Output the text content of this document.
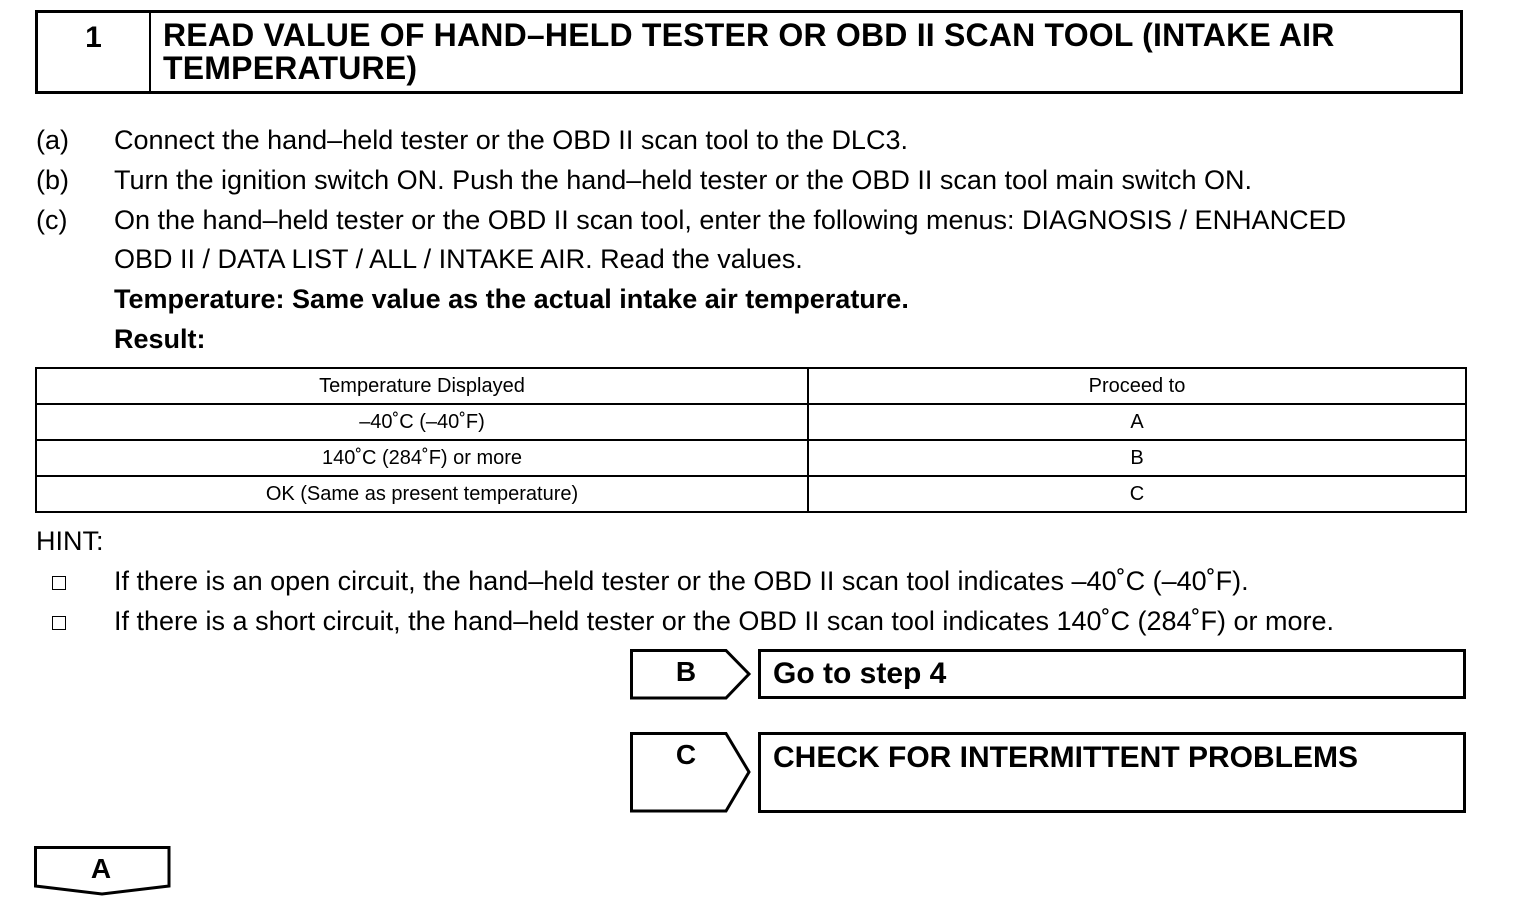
1	READ VALUE OF HAND–HELD TESTER OR OBD II SCAN TOOL (INTAKE AIR
TEMPERATURE)
(a) Connect the hand–held tester or the OBD II scan tool to the DLC3.
(b) Turn the ignition switch ON. Push the hand–held tester or the OBD II scan tool main switch ON.
(c) On the hand–held tester or the OBD II scan tool, enter the following menus: DIAGNOSIS / ENHANCED
OBD II / DATA LIST / ALL / INTAKE AIR. Read the values.
Temperature: Same value as the actual intake air temperature.
Result:
Temperature Displayed	Proceed to
–40˚C (–40˚F)	A
140˚C (284˚F) or more	B
OK (Same as present temperature)	C
HINT:
If there is an open circuit, the hand–held tester or the OBD II scan tool indicates –40˚C (–40˚F).
If there is a short circuit, the hand–held tester or the OBD II scan tool indicates 140˚C (284˚F) or more.
B	Go to step 4
C	CHECK FOR INTERMITTENT PROBLEMS
A
